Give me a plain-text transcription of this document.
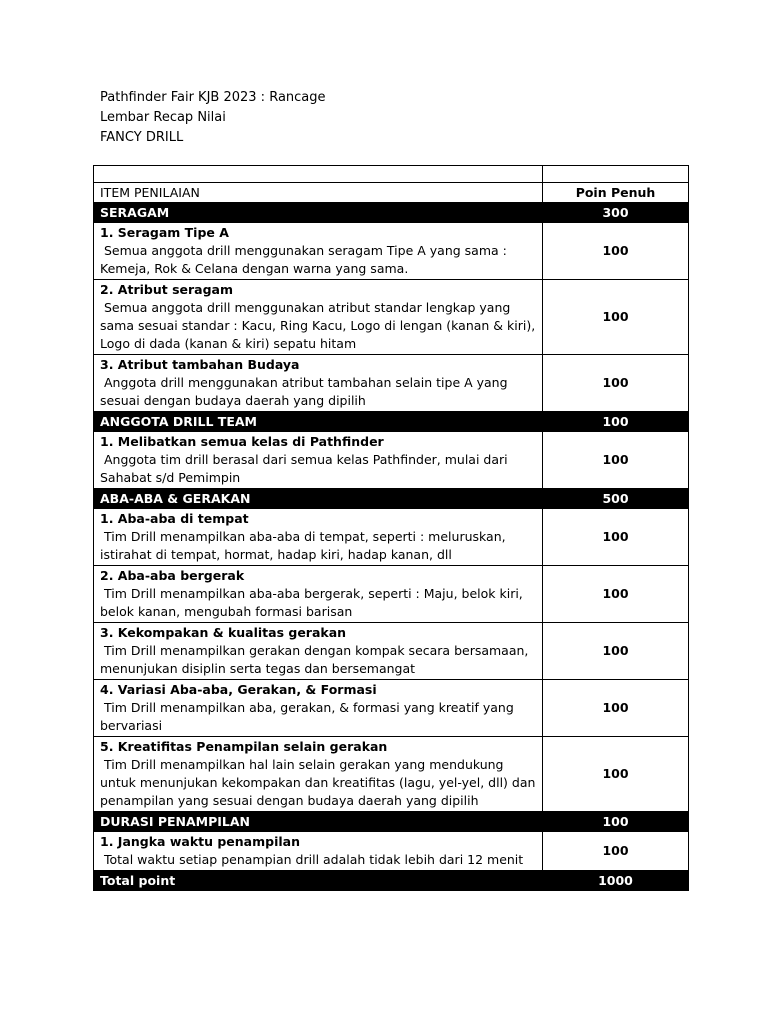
Pathfinder Fair KJB 2023 : Rancage
Lembar Recap Nilai
FANCY DRILL

ITEM PENILAIAN	Poin Penuh
SERAGAM	300

1. Seragam Tipe A
Semua anggota drill menggunakan seragam Tipe A yang sama : Kemeja, Rok & Celana dengan warna yang sama.	100

2. Atribut seragam
Semua anggota drill menggunakan atribut standar lengkap yang sama sesuai standar : Kacu, Ring Kacu, Logo di lengan (kanan & kiri), Logo di dada (kanan & kiri) sepatu hitam	100

3. Atribut tambahan Budaya
Anggota drill menggunakan atribut tambahan selain tipe A yang sesuai dengan budaya daerah yang dipilih	100
ANGGOTA DRILL TEAM	100

1. Melibatkan semua kelas di Pathfinder
Anggota tim drill berasal dari semua kelas Pathfinder, mulai dari Sahabat s/d Pemimpin	100
ABA-ABA & GERAKAN	500

1. Aba-aba di tempat
Tim Drill menampilkan aba-aba di tempat, seperti : meluruskan, istirahat di tempat, hormat, hadap kiri, hadap kanan, dll	100

2. Aba-aba bergerak
Tim Drill menampilkan aba-aba bergerak, seperti : Maju, belok kiri, belok kanan, mengubah formasi barisan	100

3. Kekompakan & kualitas gerakan
Tim Drill menampilkan gerakan dengan kompak secara bersamaan, menunjukan disiplin serta tegas dan bersemangat	100

4. Variasi Aba-aba, Gerakan, & Formasi
Tim Drill menampilkan aba, gerakan, & formasi yang kreatif yang bervariasi	100

5. Kreatifitas Penampilan selain gerakan
Tim Drill menampilkan hal lain selain gerakan yang mendukung untuk menunjukan kekompakan dan kreatifitas (lagu, yel-yel, dll) dan penampilan yang sesuai dengan budaya daerah yang dipilih	100
DURASI PENAMPILAN	100

1. Jangka waktu penampilan
Total waktu setiap penampian drill adalah tidak lebih dari 12 menit	100
Total point	1000
